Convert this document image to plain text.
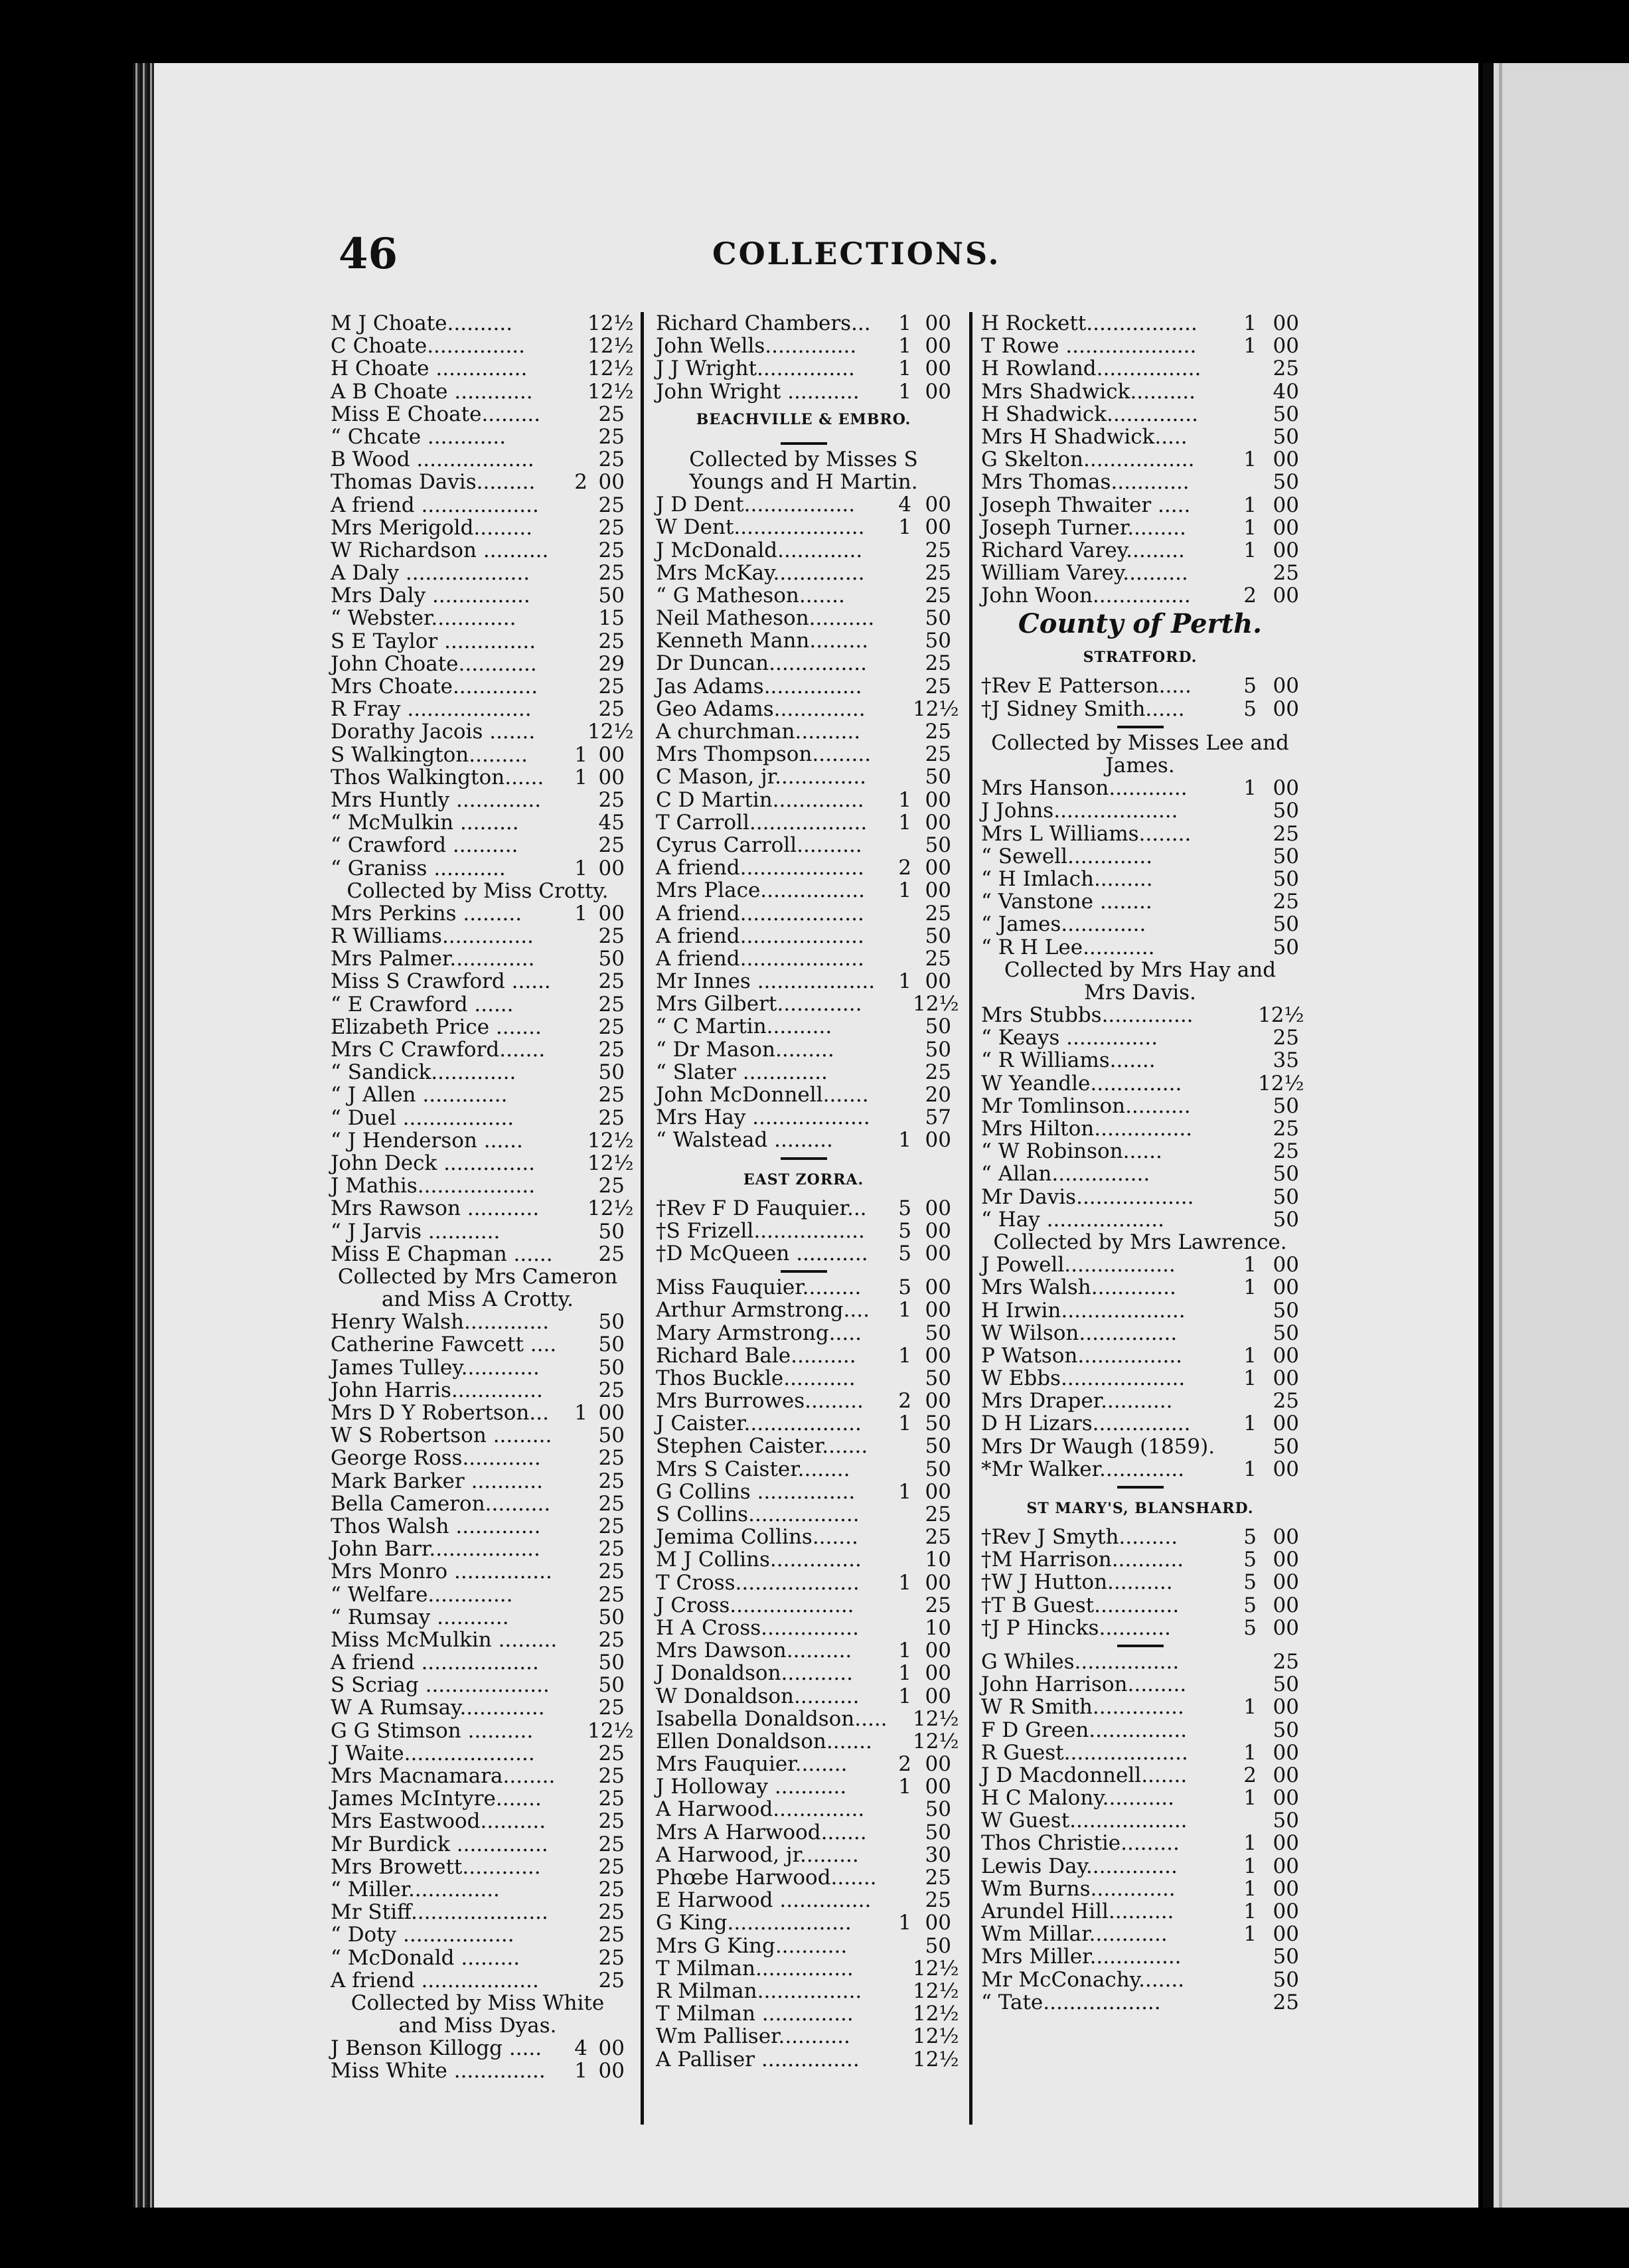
46	COLLECTIONS.
M J Choate..........	12½
C Choate...............	12½
H Choate ..............	12½
A B Choate ............	12½
Miss E Choate.........	25
“ Chcate ............	25
B Wood ..................	25
Thomas Davis.........	2 00
A friend ..................	25
Mrs Merigold.........	25
W Richardson ..........	25
A Daly ...................	25
Mrs Daly ...............	50
“ Webster.............	15
S E Taylor ..............	25
John Choate............	29
Mrs Choate.............	25
R Fray ...................	25
Dorathy Jacois .......	12½
S Walkington.........	1 00
Thos Walkington......	1 00
Mrs Huntly .............	25
“ McMulkin .........	45
“ Crawford ..........	25
“ Graniss ...........	1 00
Collected by Miss Crotty.
Mrs Perkins .........	1 00
R Williams..............	25
Mrs Palmer.............	50
Miss S Crawford ......	25
“ E Crawford ......	25
Elizabeth Price .......	25
Mrs C Crawford.......	25
“ Sandick.............	50
“ J Allen .............	25
“ Duel .................	25
“ J Henderson ......	12½
John Deck ..............	12½
J Mathis..................	25
Mrs Rawson ........... 12½
“ J Jarvis ...........	50
Miss E Chapman ......	25
Collected by Mrs Cameron and Miss A Crotty.
Henry Walsh.............	50
Catherine Fawcett ....	50
James Tulley............	50
John Harris..............	25
Mrs D Y Robertson...	1 00
W S Robertson .........	50
George Ross............	25
Mark Barker ...........	25
Bella Cameron..........	25
Thos Walsh .............	25
John Barr.................	25
Mrs Monro ...............	25
“ Welfare.............	25
“ Rumsay ...........	50
Miss McMulkin .........	25
A friend ..................	50
S Scriag ...................	50
W A Rumsay.............	25
G G Stimson ..........	12½
J Waite....................	25
Mrs Macnamara........	25
James McIntyre.......	25
Mrs Eastwood..........	25
Mr Burdick ..............	25
Mrs Browett............	25
“ Miller..............	25
Mr Stiff.....................	25
“ Doty .................	25
“ McDonald .........	25
A friend ..................	25
Collected by Miss White and Miss Dyas.
J Benson Killogg .....	4 00
Miss White ..............	1 00
Richard Chambers...	1 00
John Wells..............	1 00
J J Wright...............	1 00
John Wright ...........	1 00
BEACHVILLE & EMBRO.
Collected by Misses S Youngs and H Martin.
J D Dent.................	4 00
W Dent....................	1 00
J McDonald.............	25
Mrs McKay..............	25
“ G Matheson.......	25
Neil Matheson..........	50
Kenneth Mann.........	50
Dr Duncan...............	25
Jas Adams...............	25
Geo Adams.............. 12½
A churchman..........	25
Mrs Thompson.........	25
C Mason, jr..............	50
C D Martin..............	1 00
T Carroll..................	1 00
Cyrus Carroll..........	50
A friend...................	2 00
Mrs Place................	1 00
A friend...................	25
A friend...................	50
A friend...................	25
Mr Innes ..................	1 00
Mrs Gilbert............. 12½
“ C Martin..........	50
“ Dr Mason.........	50
“ Slater .............	25
John McDonnell.......	20
Mrs Hay ..................	57
“ Walstead .........	1 00
EAST ZORRA.
†Rev F D Fauquier...	5 00
†S Frizell.................	5 00
†D McQueen ...........	5 00
Miss Fauquier.........	5 00
Arthur Armstrong....	1 00
Mary Armstrong.....	50
Richard Bale..........	1 00
Thos Buckle...........	50
Mrs Burrowes.........	2 00
J Caister..................	1 50
Stephen Caister.......	50
Mrs S Caister........	50
G Collins ...............	1 00
S Collins.................	25
Jemima Collins.......	25
M J Collins..............	10
T Cross...................	1 00
J Cross...................	25
H A Cross...............	10
Mrs Dawson..........	1 00
J Donaldson...........	1 00
W Donaldson..........	1 00
Isabella Donaldson..... 12½
Ellen Donaldson....... 12½
Mrs Fauquier........	2 00
J Holloway ...........	1 00
A Harwood..............	50
Mrs A Harwood.......	50
A Harwood, jr.........	30
Phœbe Harwood.......	25
E Harwood ..............	25
G King...................	1 00
Mrs G King...........	50
T Milman...............	12½
R Milman................ 12½
T Milman ..............	12½
Wm Palliser...........	12½
A Palliser ...............	12½
H Rockett.................	1 00
T Rowe ....................	1 00
H Rowland................	25
Mrs Shadwick..........	40
H Shadwick..............	50
Mrs H Shadwick.....	50
G Skelton.................	1 00
Mrs Thomas............	50
Joseph Thwaiter .....	1 00
Joseph Turner.........	1 00
Richard Varey.........	1 00
William Varey..........	25
John Woon...............	2 00
County of Perth.
STRATFORD.
†Rev E Patterson.....	5 00
†J Sidney Smith......	5 00
Collected by Misses Lee and James.
Mrs Hanson............	1 00
J Johns...................	50
Mrs L Williams........	25
“ Sewell.............	50
“ H Imlach.........	50
“ Vanstone ........	25
“ James.............	50
“ R H Lee...........	50
Collected by Mrs Hay and Mrs Davis.
Mrs Stubbs..............	12½
“ Keays ..............	25
“ R Williams.......	35
W Yeandle..............	12½
Mr Tomlinson..........	50
Mrs Hilton...............	25
“ W Robinson......	25
“ Allan...............	50
Mr Davis..................	50
“ Hay ..................	50
Collected by Mrs Lawrence.
J Powell.................	1 00
Mrs Walsh.............	1 00
H Irwin...................	50
W Wilson...............	50
P Watson................	1 00
W Ebbs...................	1 00
Mrs Draper...........	25
D H Lizars...............	1 00
Mrs Dr Waugh (1859).	50
*Mr Walker.............	1 00
ST MARY'S, BLANSHARD.
†Rev J Smyth.........	5 00
†M Harrison...........	5 00
†W J Hutton..........	5 00
†T B Guest.............	5 00
†J P Hincks...........	5 00
G Whiles................	25
John Harrison.........	50
W R Smith..............	1 00
F D Green...............	50
R Guest...................	1 00
J D Macdonnell.......	2 00
H C Malony...........	1 00
W Guest..................	50
Thos Christie.........	1 00
Lewis Day..............	1 00
Wm Burns.............	1 00
Arundel Hill..........	1 00
Wm Millar............	1 00
Mrs Miller..............	50
Mr McConachy.......	50
“ Tate..................	25
